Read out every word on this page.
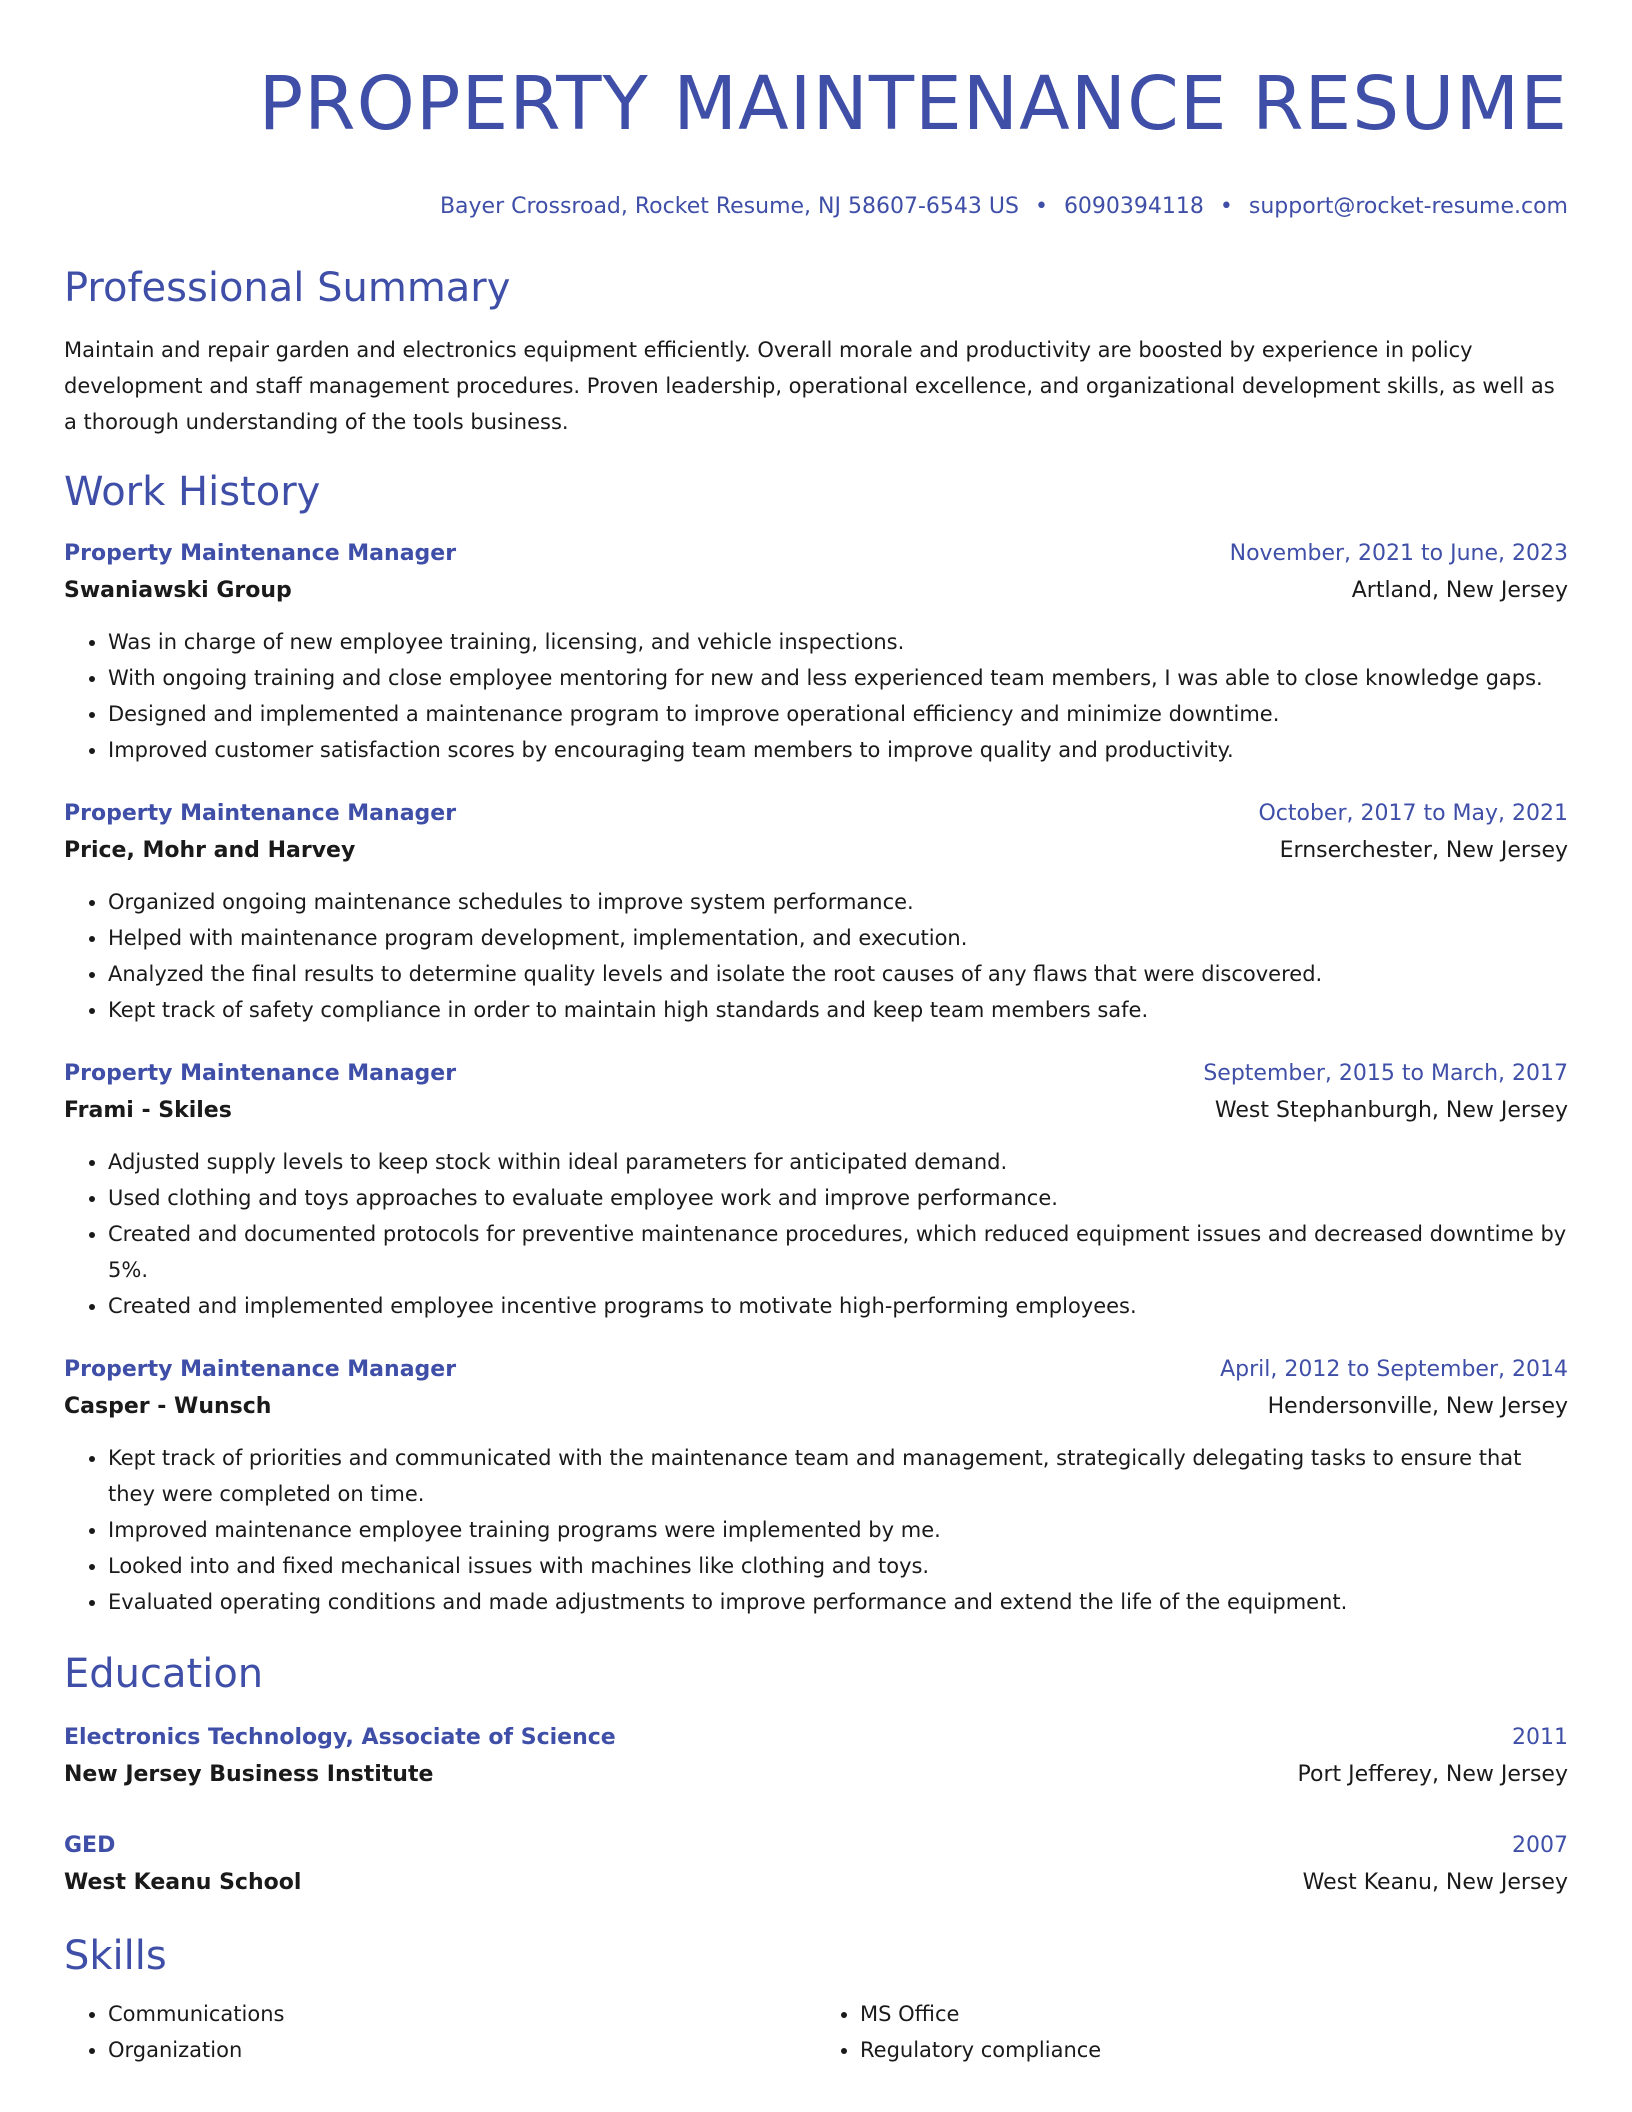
PROPERTY MAINTENANCE RESUME
Bayer Crossroad, Rocket Resume, NJ 58607-6543 US • 6090394118 • support@rocket-resume.com
Professional Summary

Maintain and repair garden and electronics equipment efficiently. Overall morale and productivity are boosted by experience in policy development and staff management procedures. Proven leadership, operational excellence, and organizational development skills, as well as a thorough understanding of the tools business.

Work History
Property Maintenance Manager	November, 2021 to June, 2023
Swaniawski Group	Artland, New Jersey
• Was in charge of new employee training, licensing, and vehicle inspections.
• With ongoing training and close employee mentoring for new and less experienced team members, I was able to close knowledge gaps.
• Designed and implemented a maintenance program to improve operational efficiency and minimize downtime.
• Improved customer satisfaction scores by encouraging team members to improve quality and productivity.
Property Maintenance Manager	October, 2017 to May, 2021
Price, Mohr and Harvey	Ernserchester, New Jersey
• Organized ongoing maintenance schedules to improve system performance.
• Helped with maintenance program development, implementation, and execution.
• Analyzed the final results to determine quality levels and isolate the root causes of any flaws that were discovered.
• Kept track of safety compliance in order to maintain high standards and keep team members safe.
Property Maintenance Manager	September, 2015 to March, 2017
Frami - Skiles	West Stephanburgh, New Jersey
• Adjusted supply levels to keep stock within ideal parameters for anticipated demand.
• Used clothing and toys approaches to evaluate employee work and improve performance.
• Created and documented protocols for preventive maintenance procedures, which reduced equipment issues and decreased downtime by 5%.
• Created and implemented employee incentive programs to motivate high-performing employees.
Property Maintenance Manager	April, 2012 to September, 2014
Casper - Wunsch	Hendersonville, New Jersey
• Kept track of priorities and communicated with the maintenance team and management, strategically delegating tasks to ensure that they were completed on time.
• Improved maintenance employee training programs were implemented by me.
• Looked into and fixed mechanical issues with machines like clothing and toys.
• Evaluated operating conditions and made adjustments to improve performance and extend the life of the equipment.
Education
Electronics Technology, Associate of Science	2011
New Jersey Business Institute	Port Jefferey, New Jersey
GED	2007
West Keanu School	West Keanu, New Jersey
Skills
• Communications
• Organization
• MS Office
• Regulatory compliance
